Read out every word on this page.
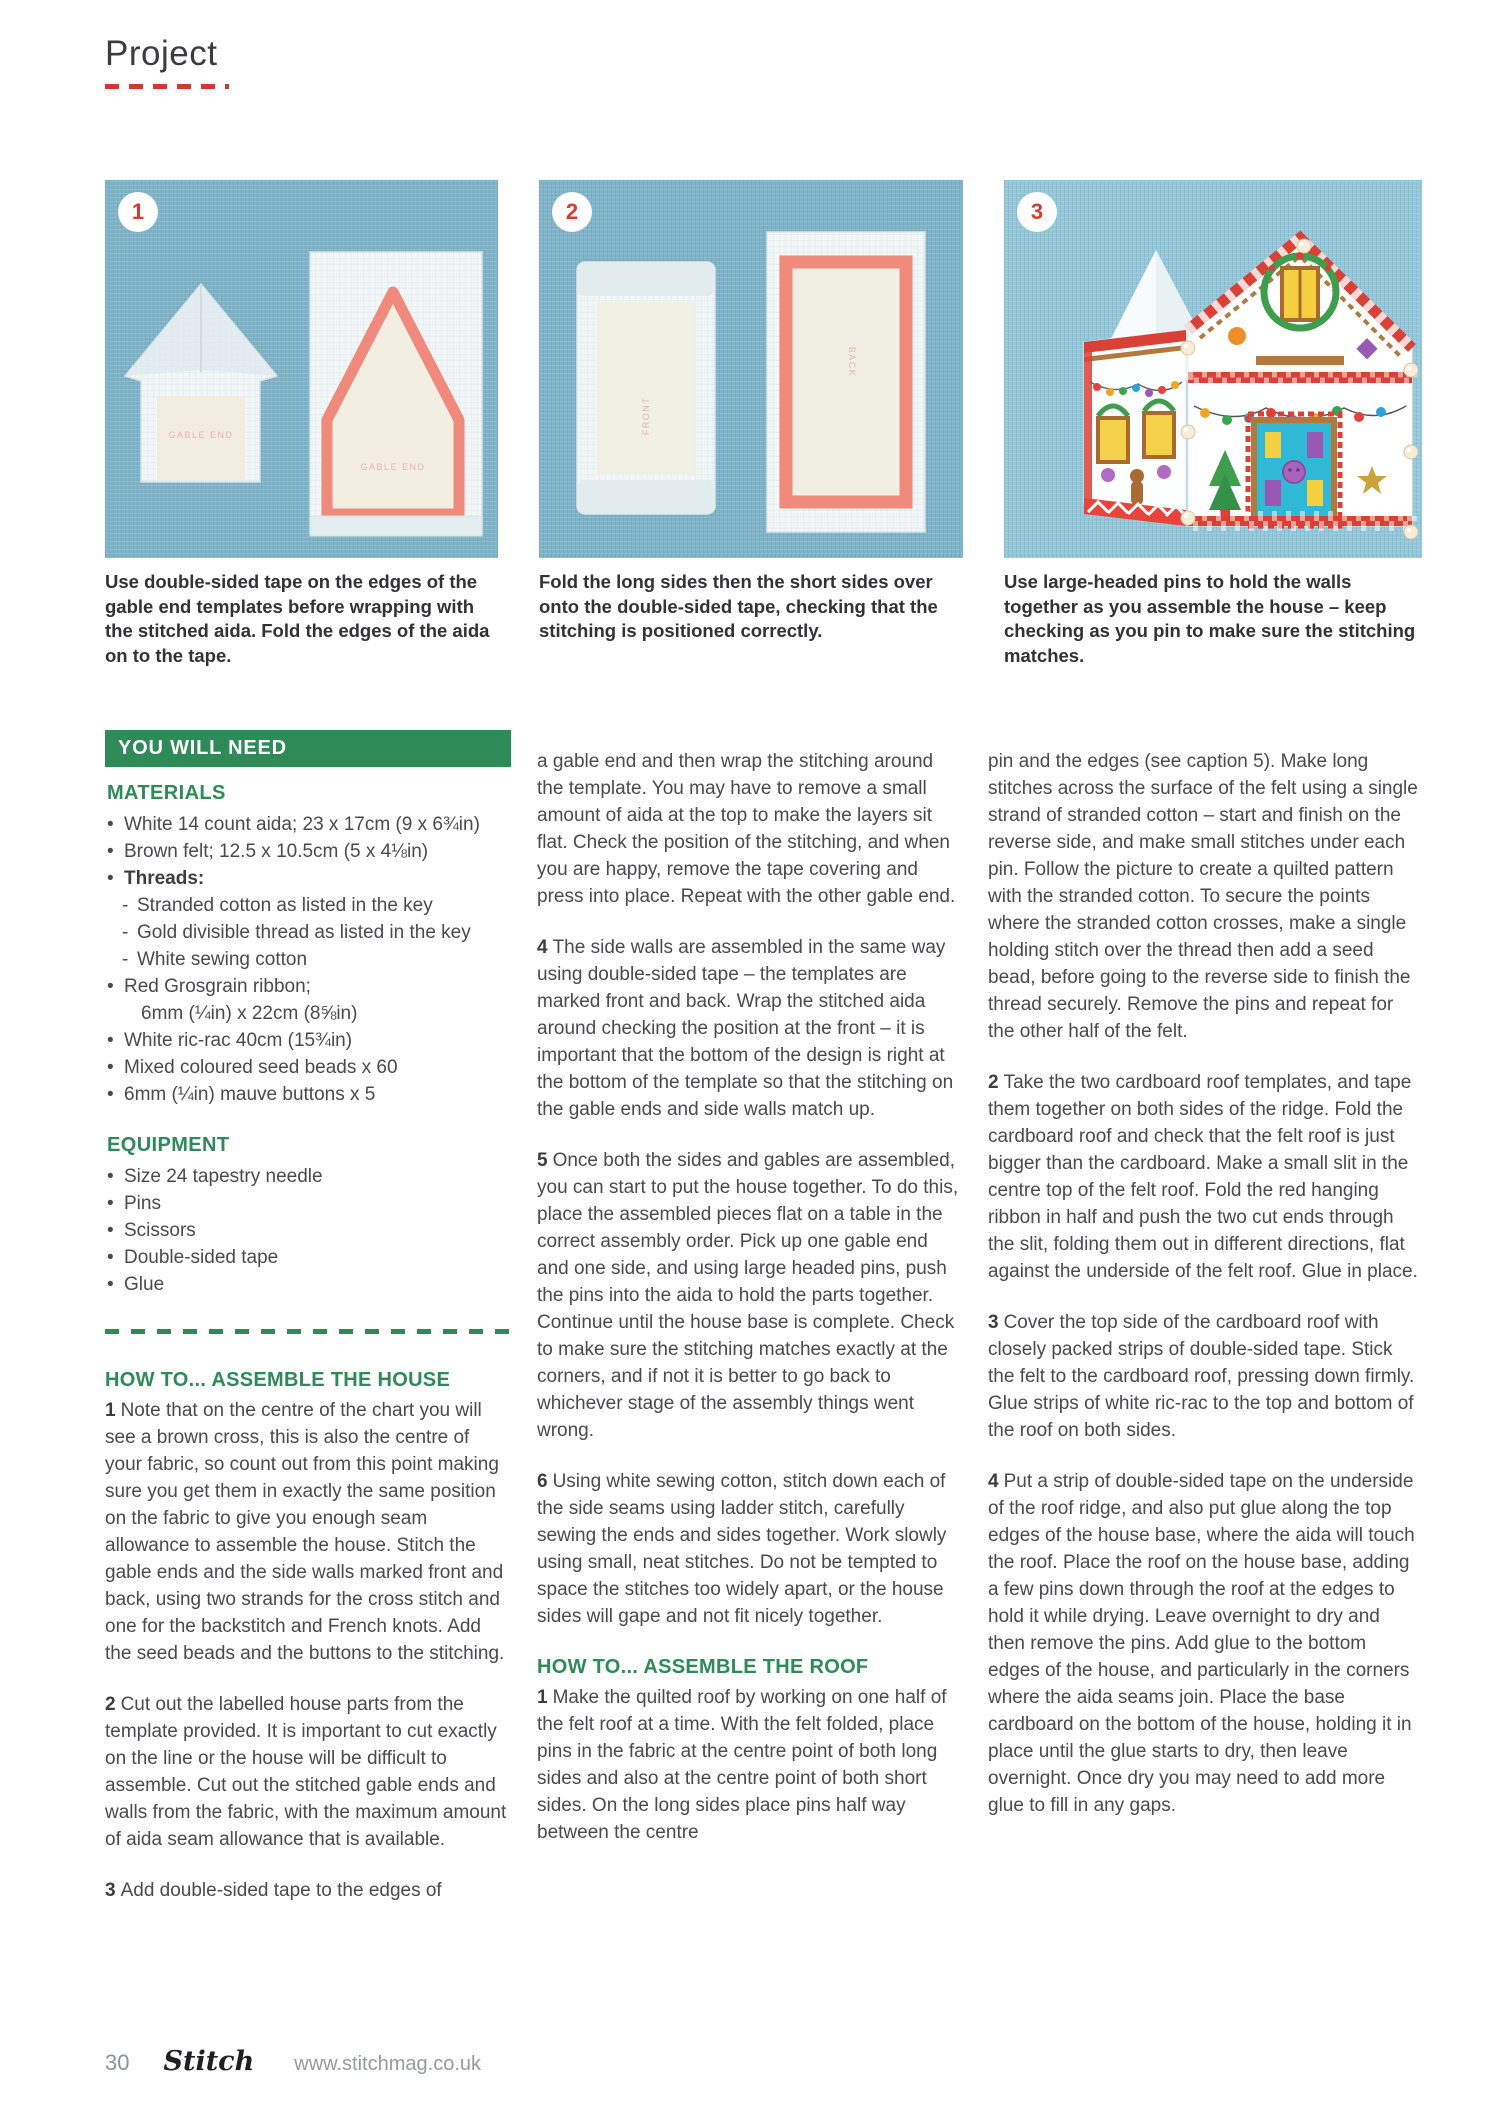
Project
1
GABLE END
GABLE END
2
FRONT
BACK
3
Use double-sided tape on the edges of the gable end templates before wrapping with the stitched aida. Fold the edges of the aida on to the tape.
Fold the long sides then the short sides over onto the double-sided tape, checking that the stitching is positioned correctly.
Use large-headed pins to hold the walls together as you assemble the house – keep checking as you pin to make sure the stitching matches.
YOU WILL NEED
MATERIALS
• White 14 count aida; 23 x 17cm (9 x 6¾in)
• Brown felt; 12.5 x 10.5cm (5 x 4⅛in)
• Threads:
- Stranded cotton as listed in the key
- Gold divisible thread as listed in the key
- White sewing cotton
• Red Grosgrain ribbon;
6mm (¼in) x 22cm (8⅝in)
• White ric-rac 40cm (15¾in)
• Mixed coloured seed beads x 60
• 6mm (¼in) mauve buttons x 5
EQUIPMENT
• Size 24 tapestry needle
• Pins
• Scissors
• Double-sided tape
• Glue
HOW TO... ASSEMBLE THE HOUSE

1 Note that on the centre of the chart you will see a brown cross, this is also the centre of your fabric, so count out from this point making sure you get them in exactly the same position on the fabric to give you enough seam allowance to assemble the house. Stitch the gable ends and the side walls marked front and back, using two strands for the cross stitch and one for the backstitch and French knots. Add the seed beads and the buttons to the stitching.

2 Cut out the labelled house parts from the template provided. It is important to cut exactly on the line or the house will be difficult to assemble. Cut out the stitched gable ends and walls from the fabric, with the maximum amount of aida seam allowance that is available.

3 Add double-sided tape to the edges of

a gable end and then wrap the stitching around the template. You may have to remove a small amount of aida at the top to make the layers sit flat. Check the position of the stitching, and when you are happy, remove the tape covering and press into place. Repeat with the other gable end.

4 The side walls are assembled in the same way using double-sided tape – the templates are marked front and back. Wrap the stitched aida around checking the position at the front – it is important that the bottom of the design is right at the bottom of the template so that the stitching on the gable ends and side walls match up.

5 Once both the sides and gables are assembled, you can start to put the house together. To do this, place the assembled pieces flat on a table in the correct assembly order. Pick up one gable end and one side, and using large headed pins, push the pins into the aida to hold the parts together. Continue until the house base is complete. Check to make sure the stitching matches exactly at the corners, and if not it is better to go back to whichever stage of the assembly things went wrong.

6 Using white sewing cotton, stitch down each of the side seams using ladder stitch, carefully sewing the ends and sides together. Work slowly using small, neat stitches. Do not be tempted to space the stitches too widely apart, or the house sides will gape and not fit nicely together.

HOW TO... ASSEMBLE THE ROOF

1 Make the quilted roof by working on one half of the felt roof at a time. With the felt folded, place pins in the fabric at the centre point of both long sides and also at the centre point of both short sides. On the long sides place pins half way between the centre

pin and the edges (see caption 5). Make long stitches across the surface of the felt using a single strand of stranded cotton – start and finish on the reverse side, and make small stitches under each pin. Follow the picture to create a quilted pattern with the stranded cotton. To secure the points where the stranded cotton crosses, make a single holding stitch over the thread then add a seed bead, before going to the reverse side to finish the thread securely. Remove the pins and repeat for the other half of the felt.

2 Take the two cardboard roof templates, and tape them together on both sides of the ridge. Fold the cardboard roof and check that the felt roof is just bigger than the cardboard. Make a small slit in the centre top of the felt roof. Fold the red hanging ribbon in half and push the two cut ends through the slit, folding them out in different directions, flat against the underside of the felt roof. Glue in place.

3 Cover the top side of the cardboard roof with closely packed strips of double-sided tape. Stick the felt to the cardboard roof, pressing down firmly. Glue strips of white ric-rac to the top and bottom of the roof on both sides.

4 Put a strip of double-sided tape on the underside of the roof ridge, and also put glue along the top edges of the house base, where the aida will touch the roof. Place the roof on the house base, adding a few pins down through the roof at the edges to hold it while drying. Leave overnight to dry and then remove the pins. Add glue to the bottom edges of the house, and particularly in the corners where the aida seams join. Place the base cardboard on the bottom of the house, holding it in place until the glue starts to dry, then leave overnight. Once dry you may need to add more glue to fill in any gaps.

30 Stitch www.stitchmag.co.uk
